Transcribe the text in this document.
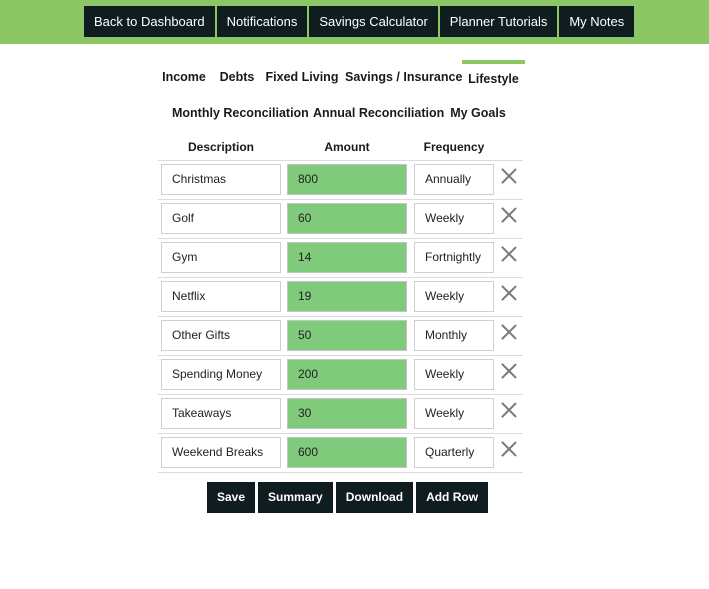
Back to Dashboard	Notifications	Savings Calculator	Planner Tutorials	My Notes
Income	Debts Fixed Living Savings / Insurance Lifestyle
Monthly Reconciliation Annual Reconciliation My Goals
Description	Amount	Frequency
Christmas	800	Annually
Golf	60	Weekly
Gym	14	Fortnightly
Netflix	19	Weekly
Other Gifts	50	Monthly
Spending Money	200	Weekly
Takeaways	30	Weekly
Weekend Breaks	600	Quarterly
Save	Summary	Download	Add Row
